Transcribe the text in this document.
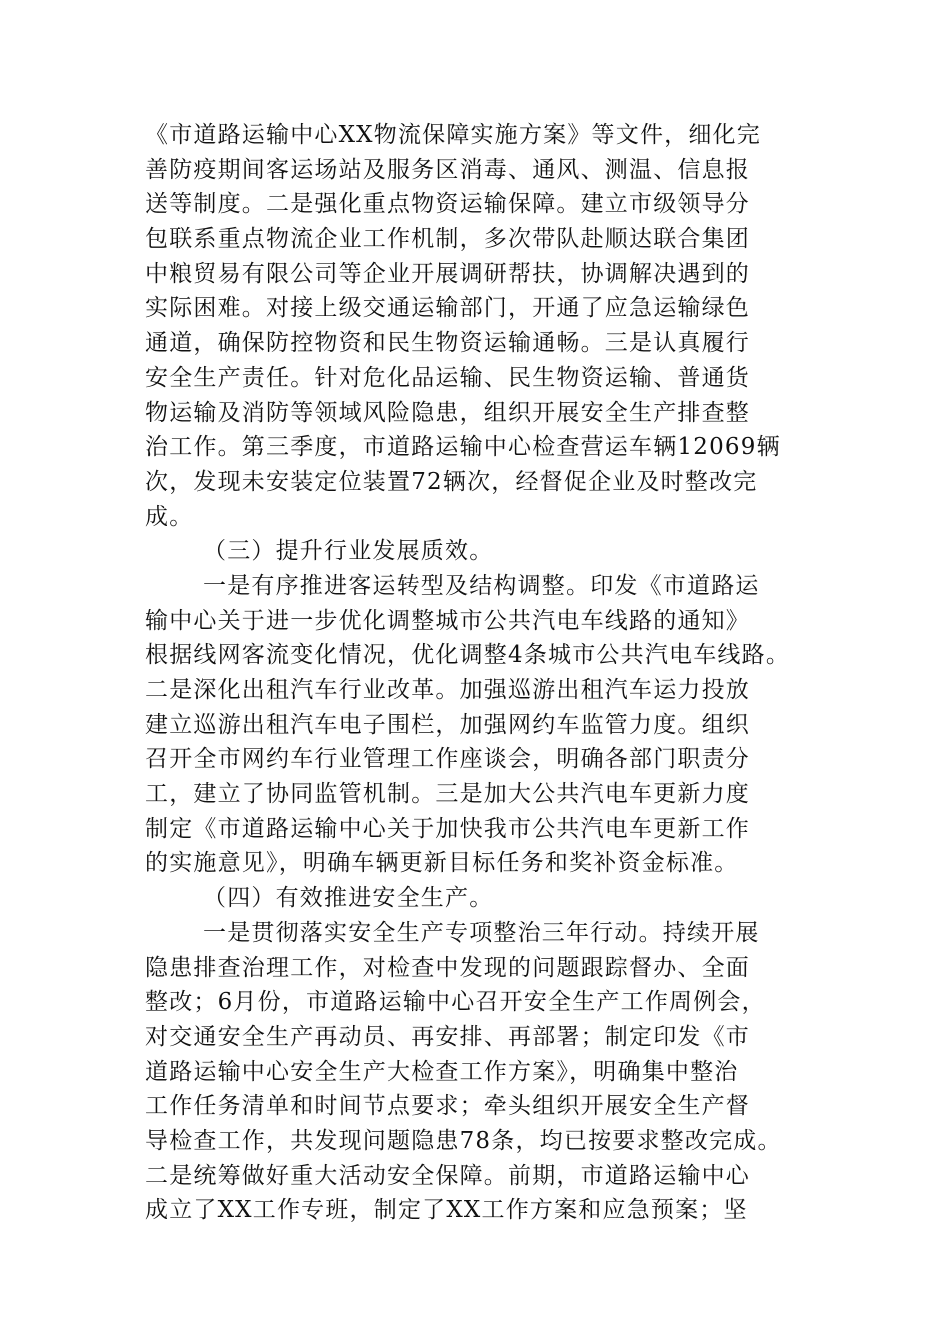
《市道路运输中心XX物流保障实施方案》等文件，细化完
善防疫期间客运场站及服务区消毒、通风、测温、信息报
送等制度。二是强化重点物资运输保障。建立市级领导分
包联系重点物流企业工作机制，多次带队赴顺达联合集团
中粮贸易有限公司等企业开展调研帮扶，协调解决遇到的
实际困难。对接上级交通运输部门，开通了应急运输绿色
通道，确保防控物资和民生物资运输通畅。三是认真履行
安全生产责任。针对危化品运输、民生物资运输、普通货
物运输及消防等领域风险隐患，组织开展安全生产排查整
治工作。第三季度，市道路运输中心检查营运车辆12069辆
次，发现未安装定位装置72辆次，经督促企业及时整改完
成。
（三）提升行业发展质效。
一是有序推进客运转型及结构调整。印发《市道路运
输中心关于进一步优化调整城市公共汽电车线路的通知》
根据线网客流变化情况，优化调整4条城市公共汽电车线路。
二是深化出租汽车行业改革。加强巡游出租汽车运力投放
建立巡游出租汽车电子围栏，加强网约车监管力度。组织
召开全市网约车行业管理工作座谈会，明确各部门职责分
工，建立了协同监管机制。三是加大公共汽电车更新力度
制定《市道路运输中心关于加快我市公共汽电车更新工作
的实施意见》，明确车辆更新目标任务和奖补资金标准。
（四）有效推进安全生产。
一是贯彻落实安全生产专项整治三年行动。持续开展
隐患排查治理工作，对检查中发现的问题跟踪督办、全面
整改；6月份，市道路运输中心召开安全生产工作周例会，
对交通安全生产再动员、再安排、再部署；制定印发《市
道路运输中心安全生产大检查工作方案》，明确集中整治
工作任务清单和时间节点要求；牵头组织开展安全生产督
导检查工作，共发现问题隐患78条，均已按要求整改完成。
二是统筹做好重大活动安全保障。前期，市道路运输中心
成立了XX工作专班，制定了XX工作方案和应急预案；坚
